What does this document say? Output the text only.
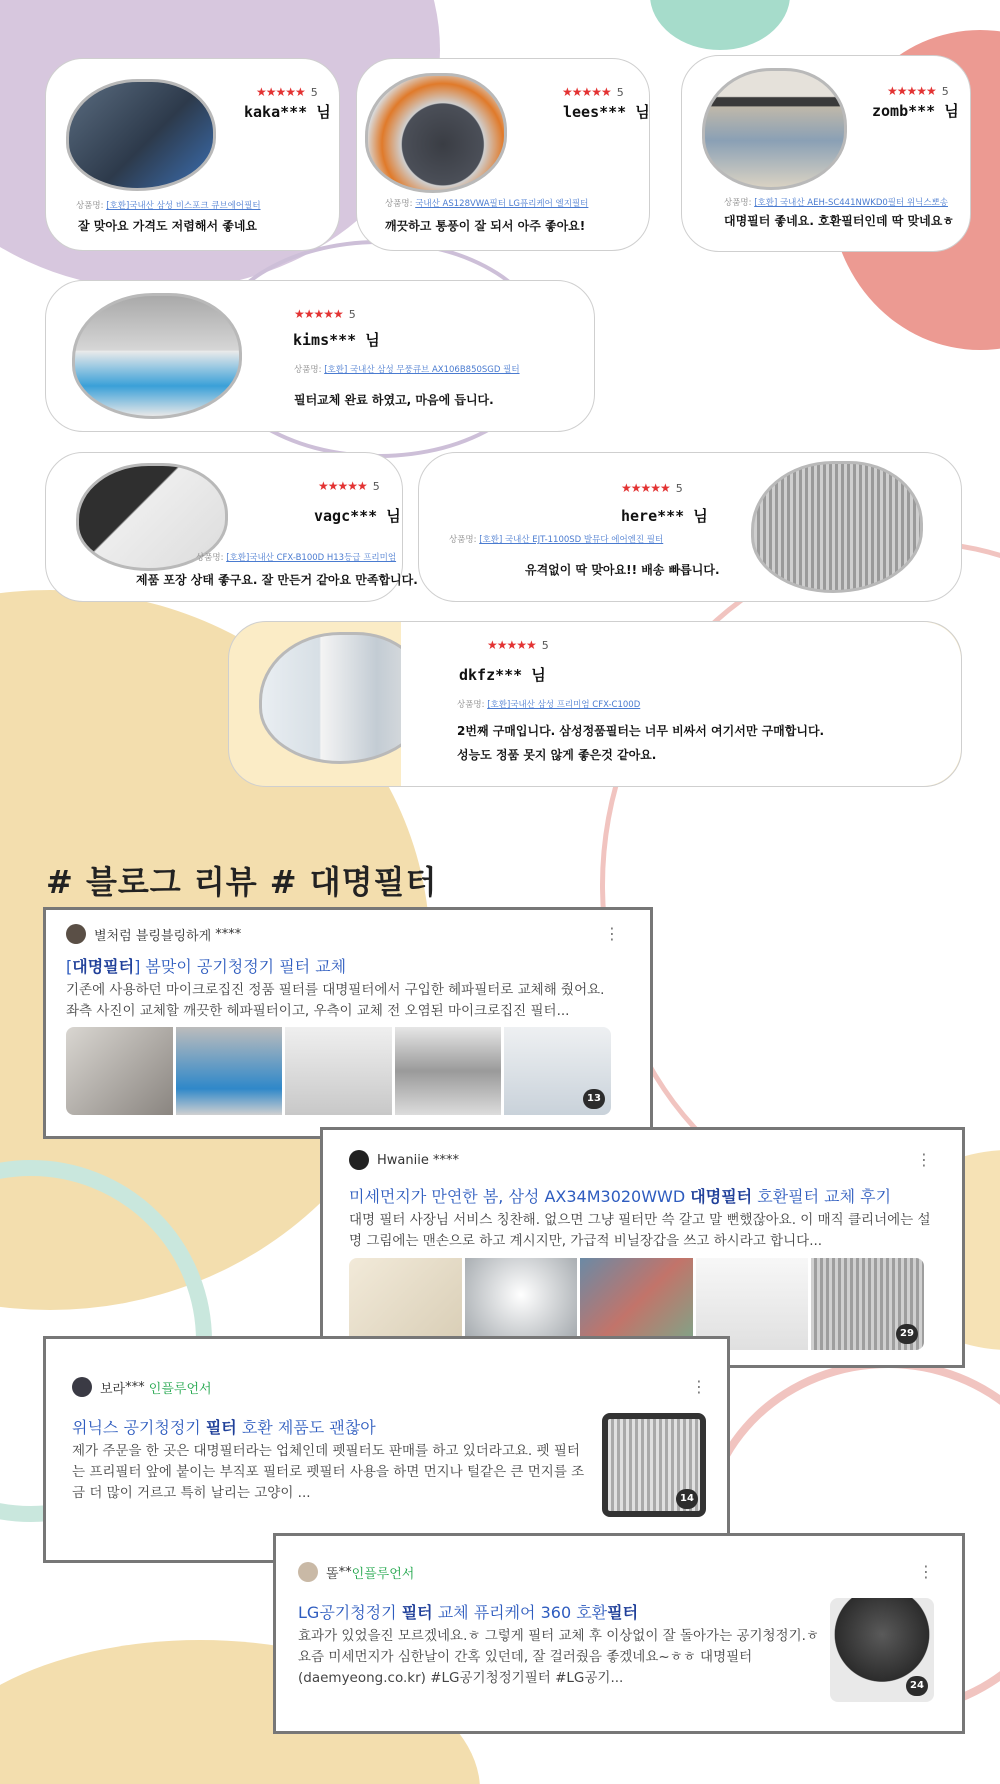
★★★★★ 5
kaka*** 님
상품명: [호환]국내산 삼성 비스포크 큐브에어필터
잘 맞아요 가격도 저렴해서 좋네요
★★★★★ 5
lees*** 님
상품명: 국내산 AS128VWA필터 LG퓨리케어 엘지필터
깨끗하고 통풍이 잘 되서 아주 좋아요!
★★★★★ 5
zomb*** 님
상품명: [호환] 국내산 AEH-SC441NWKD0필터 위닉스뽀송
대명필터 좋네요. 호환필터인데 딱 맞네요ㅎ
★★★★★ 5
kims*** 님
상품명: [호환] 국내산 삼성 무풍큐브 AX106B850SGD 필터
필터교체 완료 하였고, 마음에 듭니다.
★★★★★ 5
vagc*** 님
상품명: [호환]국내산 CFX-B100D H13등급 프리미엄
제품 포장 상태 좋구요. 잘 만든거 같아요 만족합니다.
★★★★★ 5
here*** 님
상품명: [호환] 국내산 EJT-1100SD 발뮤다 에어엔진 필터
유격없이 딱 맞아요!! 배송 빠릅니다.
★★★★★ 5
dkfz*** 님
상품명: [호환]국내산 삼성 프리미엄 CFX-C100D
2번째 구매입니다. 삼성정품필터는 너무 비싸서 여기서만 구매합니다.
성능도 정품 못지 않게 좋은것 같아요.
# 블로그 리뷰 # 대명필터
별처럼 블링블링하게
****	⋮
[대명필터] 봄맞이 공기청정기 필터 교체
기존에 사용하던 마이크로집진 정품 필터를 대명필터에서 구입한 헤파필터로 교체해 줬어요. 좌측 사진이 교체할 깨끗한 헤파필터이고, 우측이 교체 전 오염된 마이크로집진 필터...
13
Hwaniie
****	⋮
미세먼지가 만연한 봄, 삼성 AX34M3020WWD 대명필터 호환필터 교체 후기
대명 필터 사장님 서비스 칭찬해. 없으면 그냥 필터만 쓱 갈고 말 뻔했잖아요. 이 매직 클리너에는 설명 그림에는 맨손으로 하고 계시지만, 가급적 비닐장갑을 쓰고 하시라고 합니다...
29
보라 ***
인플루언서	⋮
위닉스 공기청정기 필터 호환 제품도 괜찮아
제가 주문을 한 곳은 대명필터라는 업체인데 펫필터도 판매를 하고 있더라고요. 펫 필터는 프리필터 앞에 붙이는 부직포 필터로 펫필터 사용을 하면 먼지나 털같은 큰 먼지를 조금 더 많이 거르고 특히 날리는 고양이 ...	14
똘 ** 인플루언서	⋮
LG공기청정기 필터 교체 퓨리케어 360 호환필터
효과가 있었을진 모르겠네요.ㅎ 그렇게 필터 교체 후 이상없이 잘 돌아가는 공기청정기.ㅎ 요즘 미세먼지가 심한날이 간혹 있던데, 잘 걸러줬음 좋겠네요~ㅎㅎ 대명필터 (daemyeong.co.kr) #LG공기청정기필터 #LG공기...	24
